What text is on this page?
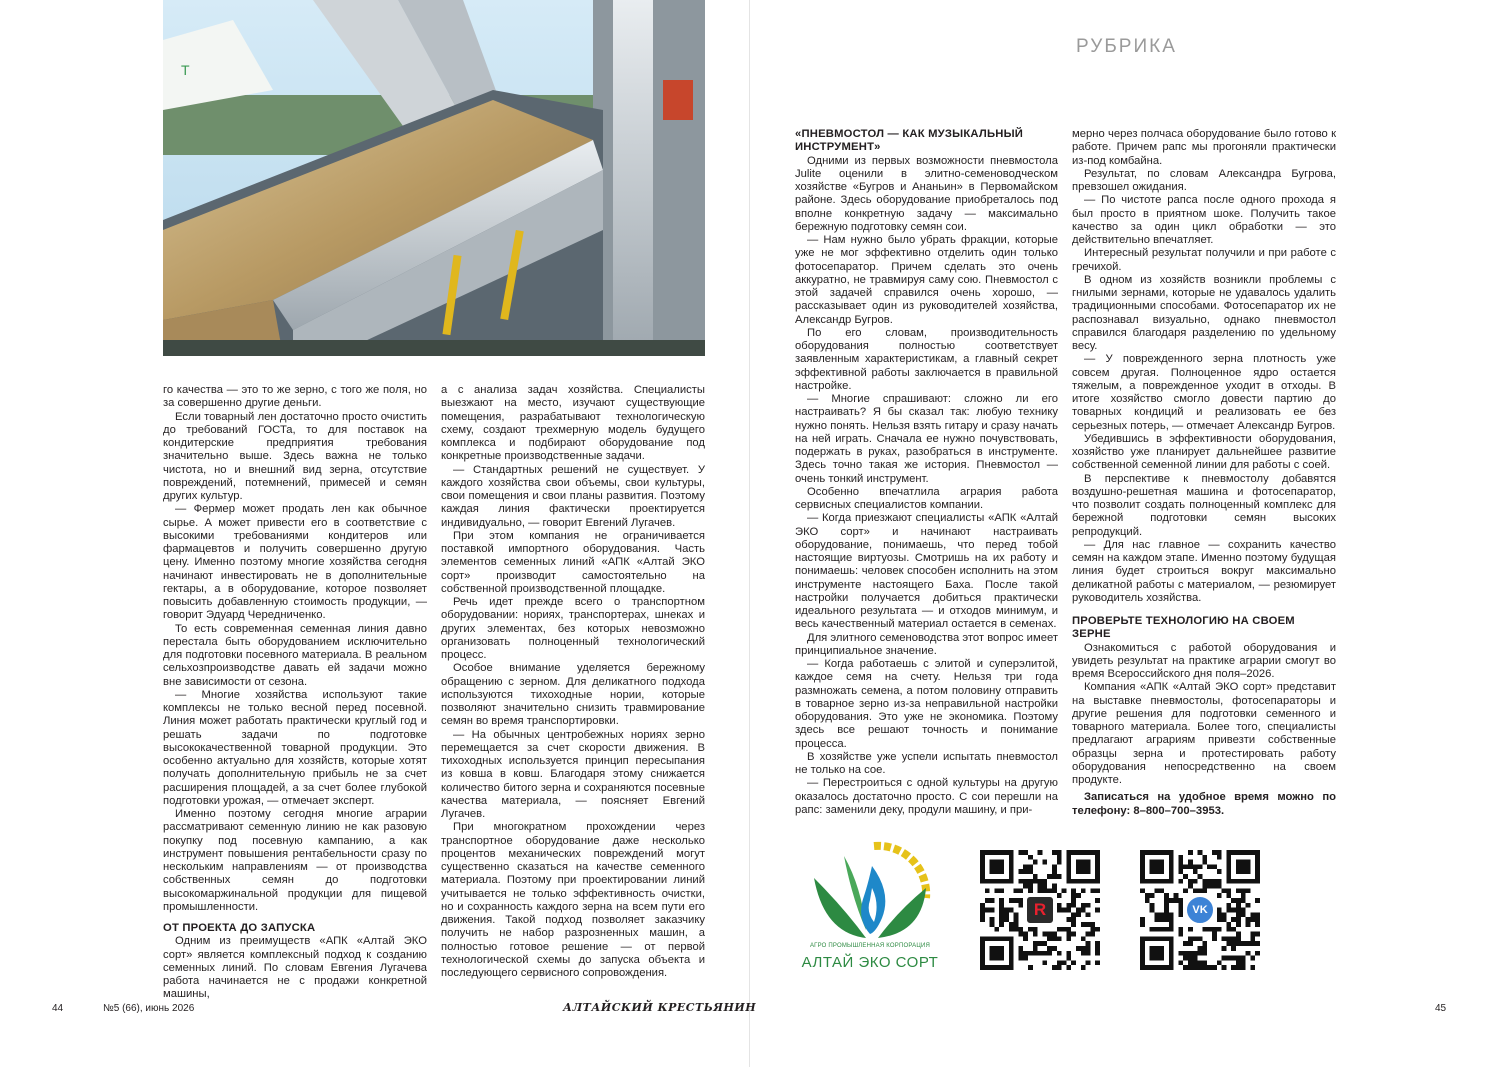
Т
РУБРИКА

го качества — это то же зерно, с того же поля, но за совершенно другие деньги.

Если товарный лен достаточно просто очистить до требований ГОСТа, то для поставок на кондитерские предприятия требования значительно выше. Здесь важна не только чистота, но и внешний вид зерна, отсутствие повреждений, потемнений, примесей и семян других культур.

— Фермер может продать лен как обычное сырье. А может привести его в соответствие с высокими требованиями кондитеров или фармацевтов и получить совершенно другую цену. Именно поэтому многие хозяйства сегодня начинают инвестировать не в дополнительные гектары, а в оборудование, которое позволяет повысить добавленную стоимость продукции, — говорит Эдуард Чередниченко.

То есть современная семенная линия давно перестала быть оборудованием исключительно для подготовки посевного материала. В реальном сельхозпроизводстве давать ей задачи можно вне зависимости от сезона.

— Многие хозяйства используют такие комплексы не только весной перед посевной. Линия может работать практически круглый год и решать задачи по подготовке высококачественной товарной продукции. Это особенно актуально для хозяйств, которые хотят получать дополнительную прибыль не за счет расширения площадей, а за счет более глубокой подготовки урожая, — отмечает эксперт.

Именно поэтому сегодня многие аграрии рассматривают семенную линию не как разовую покупку под посевную кампанию, а как инструмент повышения рентабельности сразу по нескольким направлениям — от производства собственных семян до подготовки высокомаржинальной продукции для пищевой промышленности.

ОТ ПРОЕКТА ДО ЗАПУСКА

Одним из преимуществ «АПК «Алтай ЭКО сорт» является комплексный подход к созданию семенных линий. По словам Евгения Лугачева работа начинается не с продажи конкретной машины,

а с анализа задач хозяйства. Специалисты выезжают на место, изучают существующие помещения, разрабатывают технологическую схему, создают трехмерную модель будущего комплекса и подбирают оборудование под конкретные производственные задачи.

— Стандартных решений не существует. У каждого хозяйства свои объемы, свои культуры, свои помещения и свои планы развития. Поэтому каждая линия фактически проектируется индивидуально, — говорит Евгений Лугачев.

При этом компания не ограничивается поставкой импортного оборудования. Часть элементов семенных линий «АПК «Алтай ЭКО сорт» производит самостоятельно на собственной производственной площадке.

Речь идет прежде всего о транспортном оборудовании: нориях, транспортерах, шнеках и других элементах, без которых невозможно организовать полноценный технологический процесс.

Особое внимание уделяется бережному обращению с зерном. Для деликатного подхода используются тихоходные нории, которые позволяют значительно снизить травмирование семян во время транспортировки.

— На обычных центробежных нориях зерно перемещается за счет скорости движения. В тихоходных используется принцип пересыпания из ковша в ковш. Благодаря этому снижается количество битого зерна и сохраняются посевные качества материала, — поясняет Евгений Лугачев.

При многократном прохождении через транспортное оборудование даже несколько процентов механических повреждений могут существенно сказаться на качестве семенного материала. Поэтому при проектировании линий учитывается не только эффективность очистки, но и сохранность каждого зерна на всем пути его движения. Такой подход позволяет заказчику получить не набор разрозненных машин, а полностью готовое решение — от первой технологической схемы до запуска объекта и последующего сервисного сопровождения.

«ПНЕВМОСТОЛ — КАК МУЗЫКАЛЬНЫЙ ИНСТРУМЕНТ»

Одними из первых возможности пневмостола Julite оценили в элитно-семеноводческом хозяйстве «Бугров и Ананьин» в Первомайском районе. Здесь оборудование приобреталось под вполне конкретную задачу — максимально бережную подготовку семян сои.

— Нам нужно было убрать фракции, которые уже не мог эффективно отделить один только фотосепаратор. Причем сделать это очень аккуратно, не травмируя саму сою. Пневмостол с этой задачей справился очень хорошо, — рассказывает один из руководителей хозяйства, Александр Бугров.

По его словам, производительность оборудования полностью соответствует заявленным характеристикам, а главный секрет эффективной работы заключается в правильной настройке.

— Многие спрашивают: сложно ли его настраивать? Я бы сказал так: любую технику нужно понять. Нельзя взять гитару и сразу начать на ней играть. Сначала ее нужно почувствовать, подержать в руках, разобраться в инструменте. Здесь точно такая же история. Пневмостол — очень тонкий инструмент.

Особенно впечатлила агрария работа сервисных специалистов компании.

— Когда приезжают специалисты «АПК «Алтай ЭКО сорт» и начинают настраивать оборудование, понимаешь, что перед тобой настоящие виртуозы. Смотришь на их работу и понимаешь: человек способен исполнить на этом инструменте настоящего Баха. После такой настройки получается добиться практически идеального результата — и отходов минимум, и весь качественный материал остается в семенах.

Для элитного семеноводства этот вопрос имеет принципиальное значение.

— Когда работаешь с элитой и суперэлитой, каждое семя на счету. Нельзя три года размножать семена, а потом половину отправить в товарное зерно из-за неправильной настройки оборудования. Это уже не экономика. Поэтому здесь все решают точность и понимание процесса.

В хозяйстве уже успели испытать пневмостол не только на сое.

— Перестроиться с одной культуры на другую оказалось достаточно просто. С сои перешли на рапс: заменили деку, продули машину, и при-

мерно через полчаса оборудование было готово к работе. Причем рапс мы прогоняли практически из-под комбайна.

Результат, по словам Александра Бугрова, превзошел ожидания.

— По чистоте рапса после одного прохода я был просто в приятном шоке. Получить такое качество за один цикл обработки — это действительно впечатляет.

Интересный результат получили и при работе с гречихой.

В одном из хозяйств возникли проблемы с гнилыми зернами, которые не удавалось удалить традиционными способами. Фотосепаратор их не распознавал визуально, однако пневмостол справился благодаря разделению по удельному весу.

— У поврежденного зерна плотность уже совсем другая. Полноценное ядро остается тяжелым, а поврежденное уходит в отходы. В итоге хозяйство смогло довести партию до товарных кондиций и реализовать ее без серьезных потерь, — отмечает Александр Бугров.

Убедившись в эффективности оборудования, хозяйство уже планирует дальнейшее развитие собственной семенной линии для работы с соей.

В перспективе к пневмостолу добавятся воздушно-решетная машина и фотосепаратор, что позволит создать полноценный комплекс для бережной подготовки семян высоких репродукций.

— Для нас главное — сохранить качество семян на каждом этапе. Именно поэтому будущая линия будет строиться вокруг максимально деликатной работы с материалом, — резюмирует руководитель хозяйства.

ПРОВЕРЬТЕ ТЕХНОЛОГИЮ НА СВОЕМ ЗЕРНЕ

Ознакомиться с работой оборудования и увидеть результат на практике аграрии смогут во время Всероссийского дня поля–2026.

Компания «АПК «Алтай ЭКО сорт» представит на выставке пневмостолы, фотосепараторы и другие решения для подготовки семенного и товарного материала. Более того, специалисты предлагают аграриям привезти собственные образцы зерна и протестировать работу оборудования непосредственно на своем продукте.

Записаться на удобное время можно по телефону: 8–800–700–3953.

АГРО ПРОМЫШЛЕННАЯ КОРПОРАЦИЯ
АЛТАЙ ЭКО СОРТ
R	VK
44	№5 (66), июнь 2026	АЛТАЙСКИЙ КРЕСТЬЯНИН	45
